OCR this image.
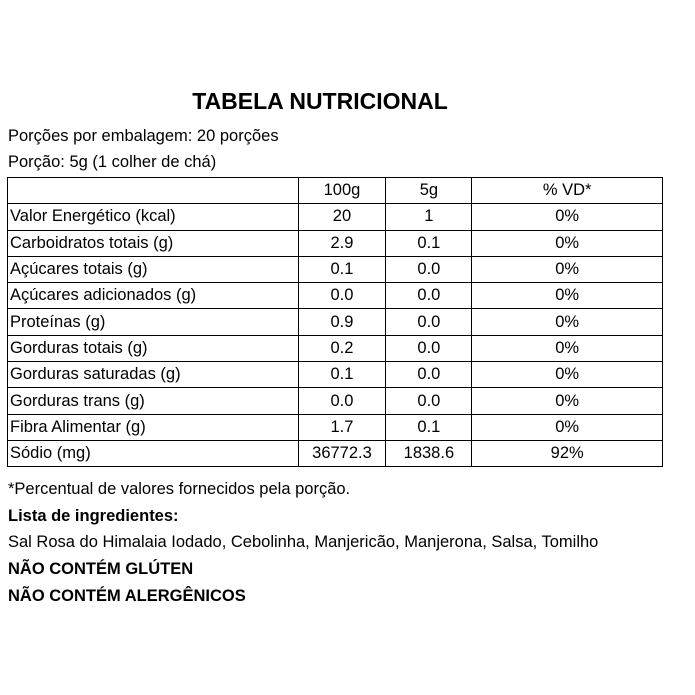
TABELA NUTRICIONAL
Porções por embalagem: 20 porções
Porção: 5g (1 colher de chá)
	100g	5g	% VD*
Valor Energético (kcal)	20	1	0%
Carboidratos totais (g)	2.9	0.1	0%
Açúcares totais (g)	0.1	0.0	0%
Açúcares adicionados (g)	0.0	0.0	0%
Proteínas (g)	0.9	0.0	0%
Gorduras totais (g)	0.2	0.0	0%
Gorduras saturadas (g)	0.1	0.0	0%
Gorduras trans (g)	0.0	0.0	0%
Fibra Alimentar (g)	1.7	0.1	0%
Sódio (mg)	36772.3	1838.6	92%
*Percentual de valores fornecidos pela porção.
Lista de ingredientes:
Sal Rosa do Himalaia Iodado, Cebolinha, Manjericão, Manjerona, Salsa, Tomilho
NÃO CONTÉM GLÚTEN
NÃO CONTÉM ALERGÊNICOS
